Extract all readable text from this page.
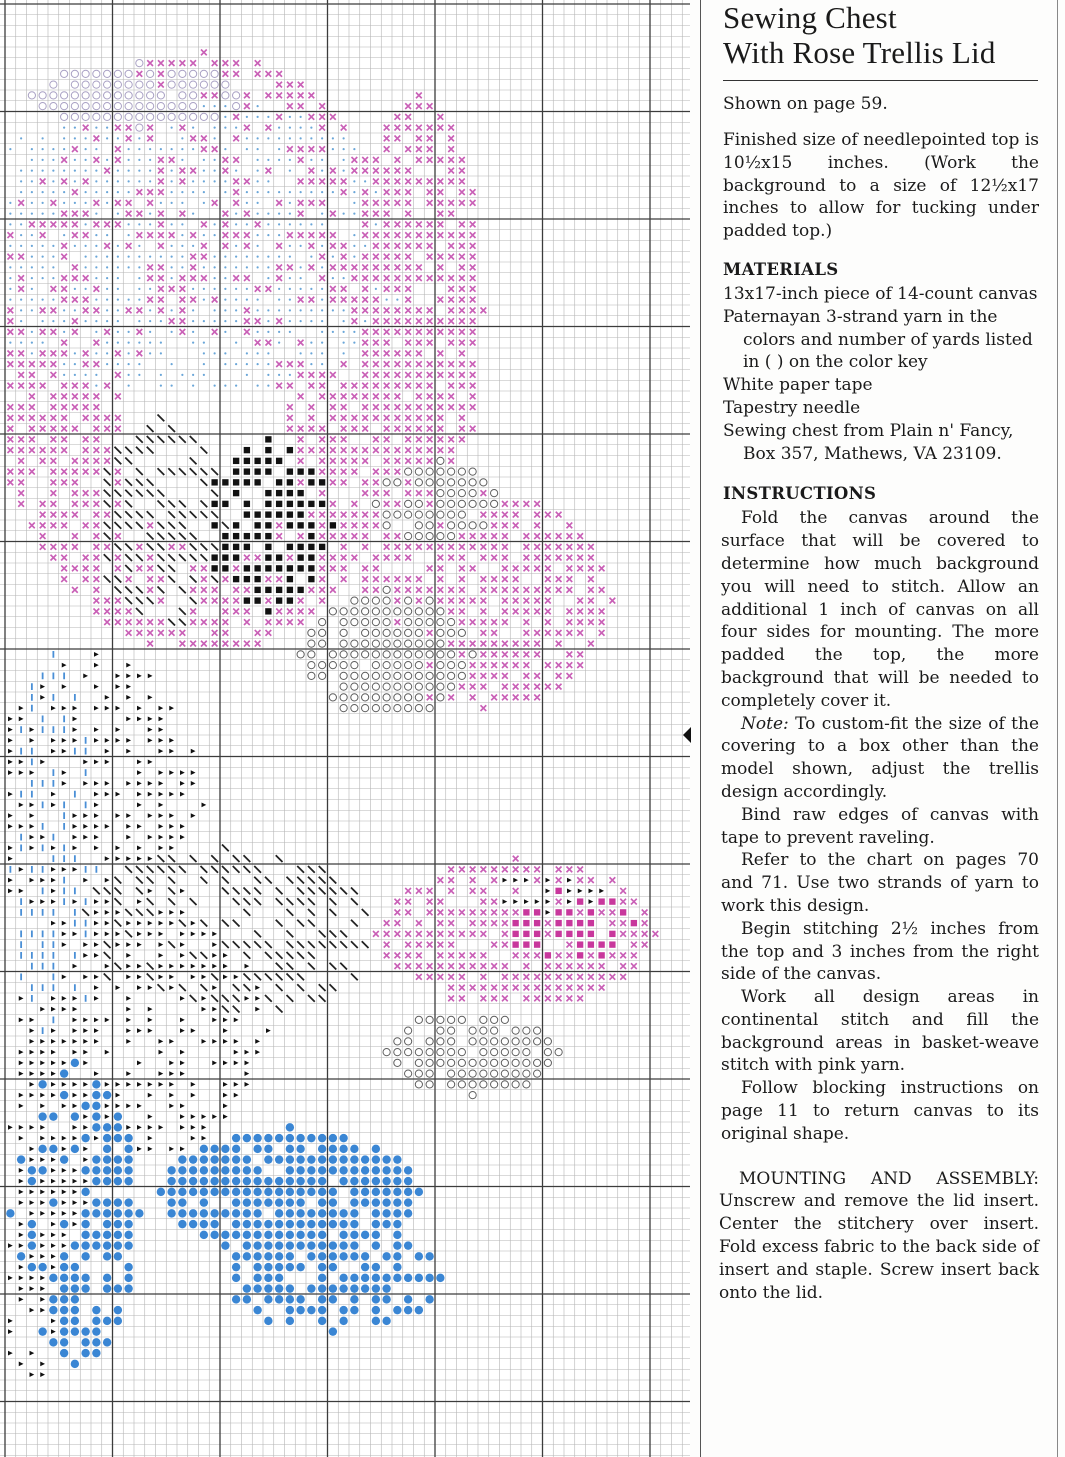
Sewing Chest
With Rose Trellis Lid

Shown on page 59.

Finished size of needlepointed top is 10½x15 inches. (Work the background to a size of 12½x17 inches to allow for tucking under padded top.)

MATERIALS

13x17-inch piece of 14-count canvas

Paternayan 3-strand yarn in the colors and number of yards listed in ( ) on the color key

White paper tape

Tapestry needle

Sewing chest from Plain n' Fancy, Box 357, Mathews, VA 23109.

INSTRUCTIONS

Fold the canvas around the surface that will be covered to determine how much background you will need to stitch. Allow an additional 1 inch of canvas on all four sides for mounting. The more padded the top, the more background that will be needed to completely cover it.

Note: To custom-fit the size of the covering to a box other than the model shown, adjust the trellis design accordingly.

Bind raw edges of canvas with tape to prevent raveling.

Refer to the chart on pages 70 and 71. Use two strands of yarn to work this design.

Begin stitching 2½ inches from the top and 3 inches from the right side of the canvas.

Work all design areas in continental stitch and fill the background areas in basket-weave stitch with pink yarn.

Follow blocking instructions on page 11 to return canvas to its original shape.

MOUNTING AND ASSEMBLY: Unscrew and remove the lid insert. Center the stitchery over insert. Fold excess fabric to the back side of insert and staple. Screw insert back onto the lid.
